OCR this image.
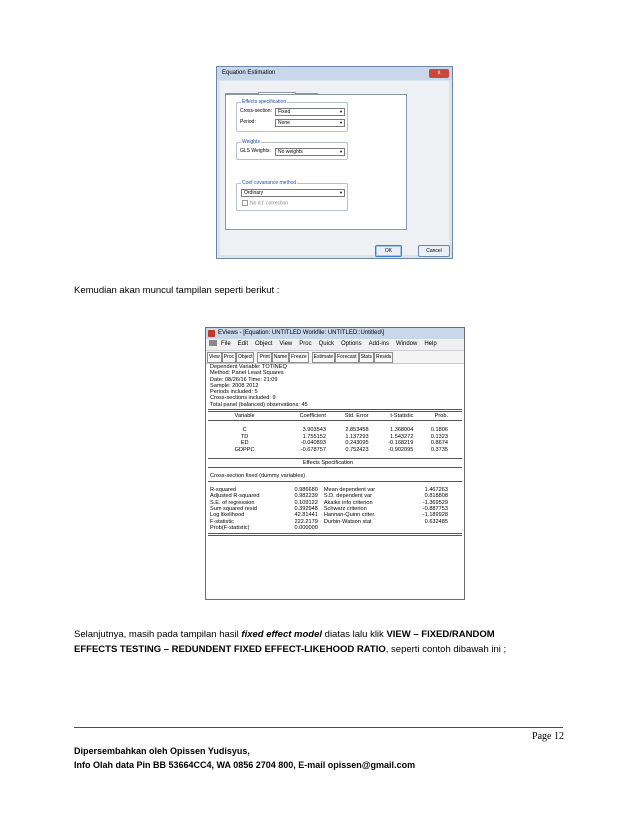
Equation Estimation	x
Effects specification
Cross-section:	Fixed	▼
Period:	None	▼
Weights
GLS Weights:	No weights	▼
Coef covariance method
Ordinary	▼
No d.f. correction
OK	Cancel
Kemudian akan muncul tampilan seperti berikut :
EViews - [Equation: UNTITLED Workfile: UNTITLED::Untitled\]
File Edit Object View Proc Quick Options Add-ins Window Help
View Proc Object Print Name Freeze Estimate Forecast Stats Resids
Dependent Variable: TOTINEQ
Method: Panel Least Squares
Date: 08/26/16 Time: 21:09
Sample: 2008 2012
Periods included: 5
Cross-sections included: 9
Total panel (balanced) observations: 45
Variable	Coefficient	Std. Error	t-Statistic	Prob.
C	3.903543	2.853458	1.368004	0.1806
TD	1.755152	1.137293	1.543272	0.1323
ED	-0.040893	0.243095	-0.168219	0.8674
GDPPC	-0.678757	0.752423	-0.902095	0.3735
Effects Specification
Cross-section fixed (dummy variables)
R-squared	0.986680	Mean dependent var	1.467263
Adjusted R-squared	0.982239	S.D. dependent var	0.818808
S.E. of regression	0.109122	Akaike info criterion	-1.369529
Sum squared resid	0.392948	Schwarz criterion	-0.887753
Log likelihood	42.81441	Hannan-Quinn criter.	-1.189928
F-statistic	222.2179	Durbin-Watson stat	0.632485
Prob(F-statistic)	0.000000		
Selanjutnya, masih pada tampilan hasil fixed effect model diatas lalu klik VIEW – FIXED/RANDOM
EFFECTS TESTING – REDUNDENT FIXED EFFECT-LIKEHOOD RATIO, seperti contoh dibawah ini ;
Page 12
Dipersembahkan oleh Opissen Yudisyus,
Info Olah data Pin BB 53664CC4, WA 0856 2704 800, E-mail opissen@gmail.com
